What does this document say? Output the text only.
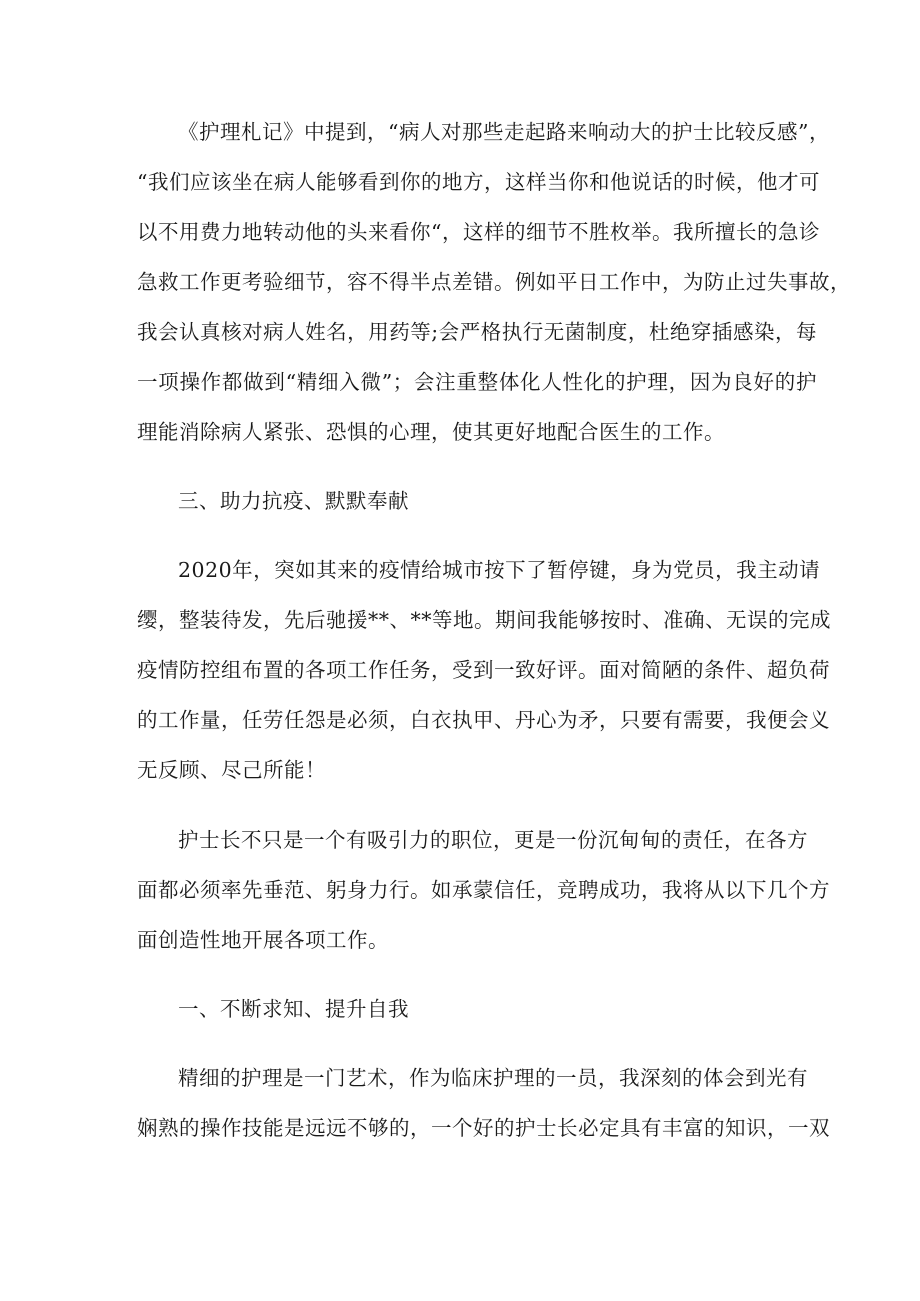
《护理札记》中提到，“病人对那些走起路来响动大的护士比较反感”，
“我们应该坐在病人能够看到你的地方，这样当你和他说话的时候，他才可
以不用费力地转动他的头来看你“，这样的细节不胜枚举。我所擅长的急诊
急救工作更考验细节，容不得半点差错。例如平日工作中，为防止过失事故，
我会认真核对病人姓名，用药等;会严格执行无菌制度，杜绝穿插感染，每
一项操作都做到“精细入微”；会注重整体化人性化的护理，因为良好的护
理能消除病人紧张、恐惧的心理，使其更好地配合医生的工作。
三、助力抗疫、默默奉献
2020年，突如其来的疫情给城市按下了暂停键，身为党员，我主动请
缨，整装待发，先后驰援**、**等地。期间我能够按时、准确、无误的完成
疫情防控组布置的各项工作任务，受到一致好评。面对简陋的条件、超负荷
的工作量，任劳任怨是必须，白衣执甲、丹心为矛，只要有需要，我便会义
无反顾、尽己所能！
护士长不只是一个有吸引力的职位，更是一份沉甸甸的责任，在各方
面都必须率先垂范、躬身力行。如承蒙信任，竞聘成功，我将从以下几个方
面创造性地开展各项工作。
一、不断求知、提升自我
精细的护理是一门艺术，作为临床护理的一员，我深刻的体会到光有
娴熟的操作技能是远远不够的，一个好的护士长必定具有丰富的知识，一双
